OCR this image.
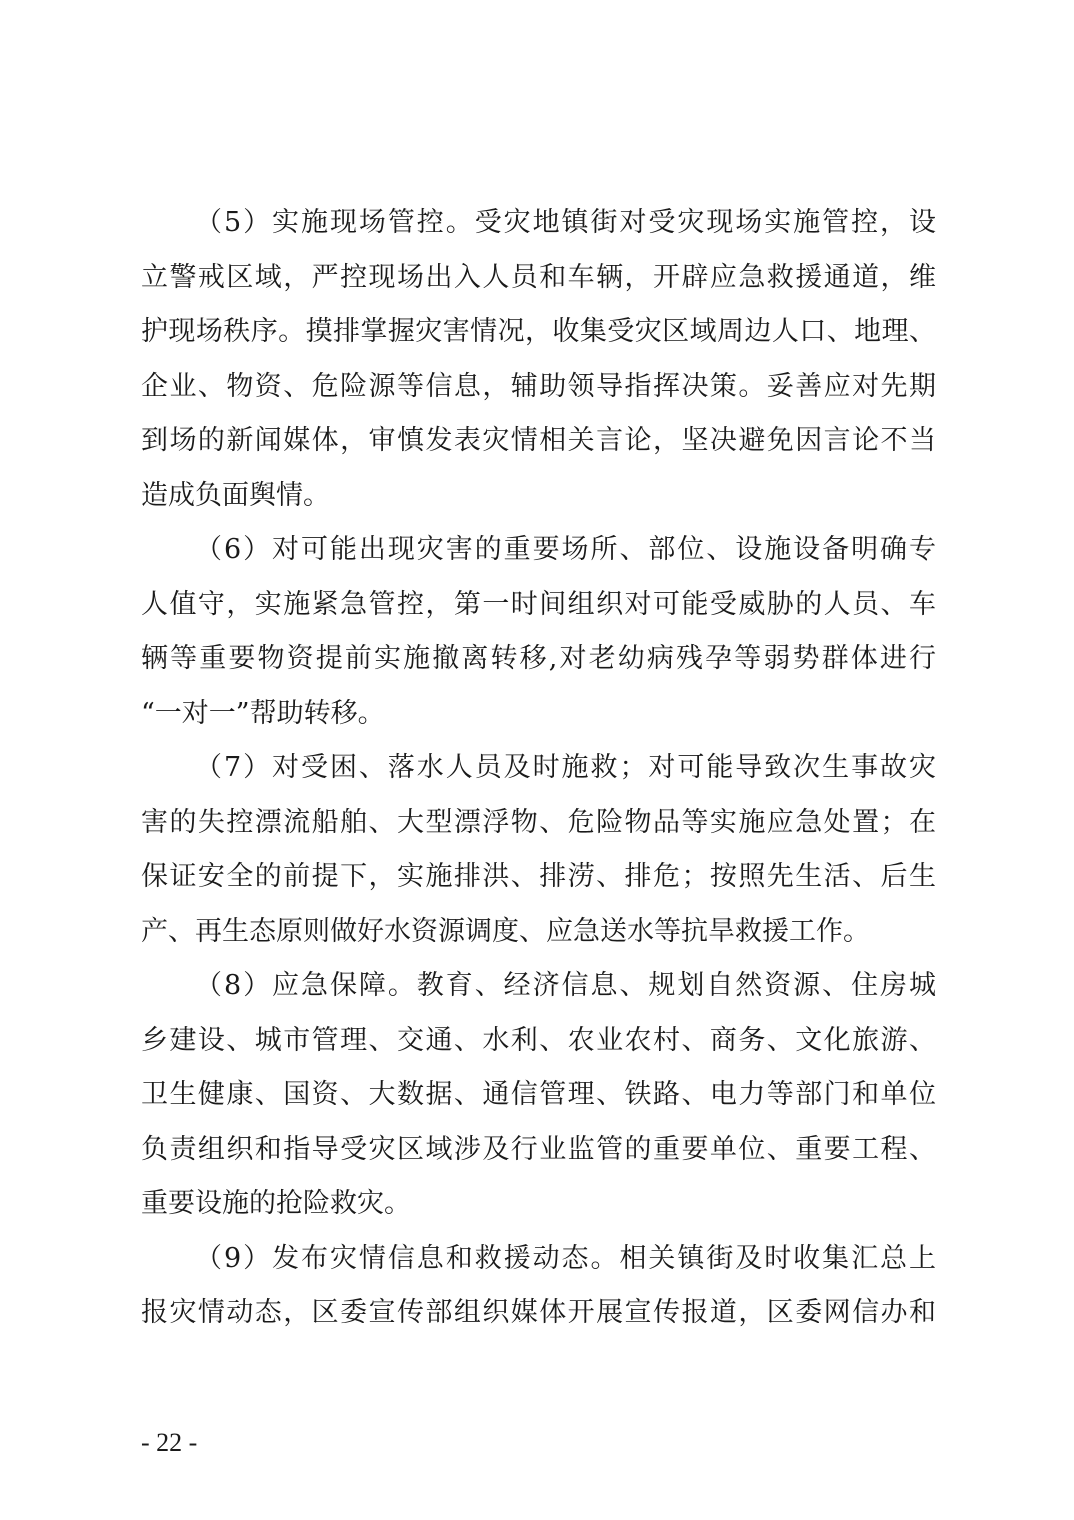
（5）实施现场管控。受灾地镇街对受灾现场实施管控，设
立警戒区域，严控现场出入人员和车辆，开辟应急救援通道，维
护现场秩序。摸排掌握灾害情况，收集受灾区域周边人口、地理、
企业、物资、危险源等信息，辅助领导指挥决策。妥善应对先期
到场的新闻媒体，审慎发表灾情相关言论，坚决避免因言论不当
造成负面舆情。
（6）对可能出现灾害的重要场所、部位、设施设备明确专
人值守，实施紧急管控，第一时间组织对可能受威胁的人员、车
辆等重要物资提前实施撤离转移,对老幼病残孕等弱势群体进行
“一对一”帮助转移。
（7）对受困、落水人员及时施救；对可能导致次生事故灾
害的失控漂流船舶、大型漂浮物、危险物品等实施应急处置；在
保证安全的前提下，实施排洪、排涝、排危；按照先生活、后生
产、再生态原则做好水资源调度、应急送水等抗旱救援工作。
（8）应急保障。教育、经济信息、规划自然资源、住房城
乡建设、城市管理、交通、水利、农业农村、商务、文化旅游、
卫生健康、国资、大数据、通信管理、铁路、电力等部门和单位
负责组织和指导受灾区域涉及行业监管的重要单位、重要工程、
重要设施的抢险救灾。
（9）发布灾情信息和救援动态。相关镇街及时收集汇总上
报灾情动态，区委宣传部组织媒体开展宣传报道，区委网信办和
- 22 -
